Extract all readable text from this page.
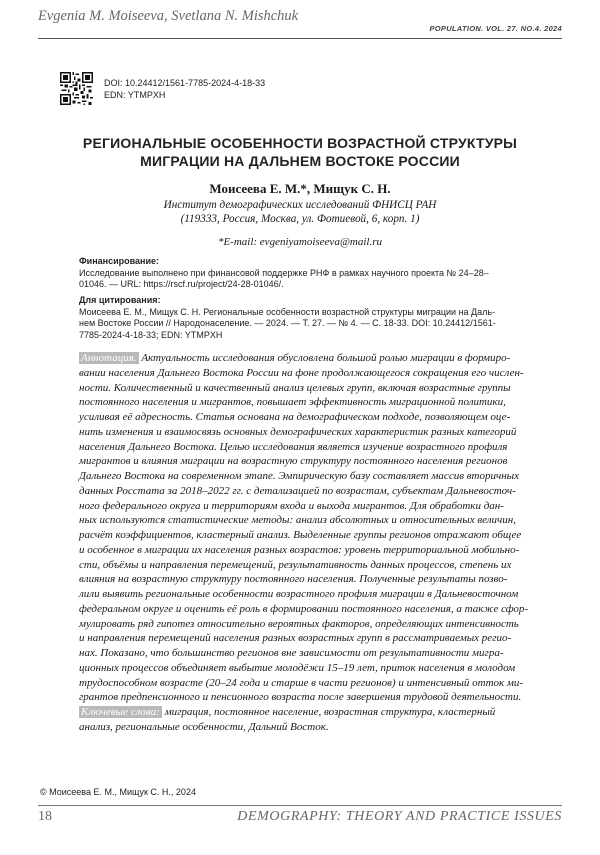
Evgenia M. Moiseeva, Svetlana N. Mishchuk
POPULATION. VOL. 27. NO.4. 2024
DOI: 10.24412/1561-7785-2024-4-18-33
EDN: YTMPXH
РЕГИОНАЛЬНЫЕ ОСОБЕННОСТИ ВОЗРАСТНОЙ СТРУКТУРЫ
МИГРАЦИИ НА ДАЛЬНЕМ ВОСТОКЕ РОССИИ
Моисеева Е. М.*, Мищук С. Н.
Институт демографических исследований ФНИСЦ РАН
(119333, Россия, Москва, ул. Фотиевой, 6, корп. 1)
*E-mail: evgeniyamoiseeva@mail.ru
Финансирование:

Исследование выполнено при финансовой поддержке РНФ в рамках научного проекта № 24–28–

01046. — URL: https://rscf.ru/project/24-28-01046/.

Для цитирования:

Моисеева Е. М., Мищук С. Н. Региональные особенности возрастной структуры миграции на Даль-

нем Востоке России // Народонаселение. — 2024. — Т. 27. — № 4. — С. 18-33. DOI: 10.24412/1561-

7785-2024-4-18-33; EDN: YTMPXH

Аннотация. Актуальность исследования обусловлена большой ролью миграции в формиро-

вании населения Дальнего Востока России на фоне продолжающегося сокращения его числен-

ности. Количественный и качественный анализ целевых групп, включая возрастные группы

постоянного населения и мигрантов, повышает эффективность миграционной политики,

усиливая её адресность. Статья основана на демографическом подходе, позволяющем оце-

нить изменения и взаимосвязь основных демографических характеристик разных категорий

населения Дальнего Востока. Целью исследования является изучение возрастного профиля

мигрантов и влияния миграции на возрастную структуру постоянного населения регионов

Дальнего Востока на современном этапе. Эмпирическую базу составляет массив вторичных

данных Росстата за 2018–2022 гг. с детализацией по возрастам, субъектам Дальневосточ-

ного федерального округа и территориям входа и выхода мигрантов. Для обработки дан-

ных используются статистические методы: анализ абсолютных и относительных величин,

расчёт коэффициентов, кластерный анализ. Выделенные группы регионов отражают общее

и особенное в миграции их населения разных возрастов: уровень территориальной мобильно-

сти, объёмы и направления перемещений, результативность данных процессов, степень их

влияния на возрастную структуру постоянного населения. Полученные результаты позво-

лили выявить региональные особенности возрастного профиля миграции в Дальневосточном

федеральном округе и оценить её роль в формировании постоянного населения, а также сфор-

мулировать ряд гипотез относительно вероятных факторов, определяющих интенсивность

и направления перемещений населения разных возрастных групп в рассматриваемых регио-

нах. Показано, что большинство регионов вне зависимости от результативности мигра-

ционных процессов объединяет выбытие молодёжи 15–19 лет, приток населения в молодом

трудоспособном возрасте (20–24 года и старше в части регионов) и интенсивный отток ми-

грантов предпенсионного и пенсионного возраста после завершения трудовой деятельности.

Ключевые слова: миграция, постоянное население, возрастная структура, кластерный

анализ, региональные особенности, Дальний Восток.

© Моисеева Е. М., Мищук С. Н., 2024
18	DEMOGRAPHY: THEORY AND PRACTICE ISSUES
